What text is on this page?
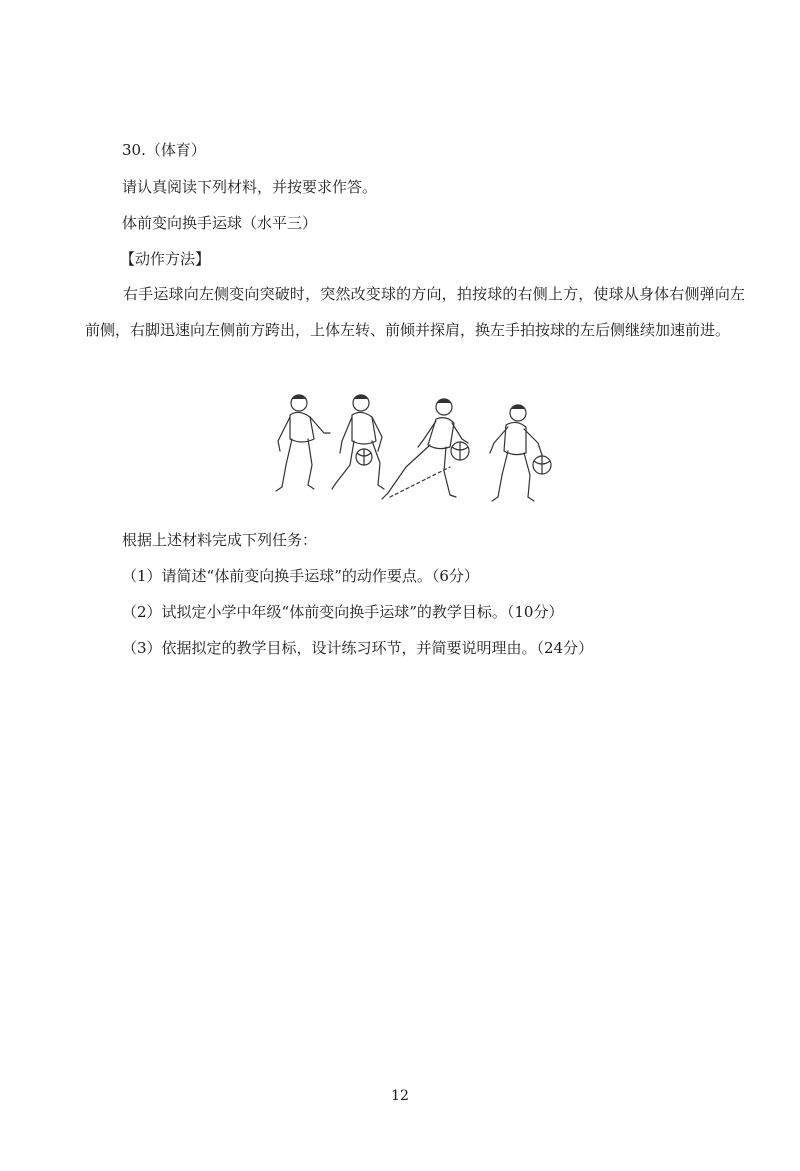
30.（体育）
请认真阅读下列材料，并按要求作答。
体前变向换手运球（水平三）
【动作方法】
右手运球向左侧变向突破时，突然改变球的方向，拍按球的右侧上方，使球从身体右侧弹向左前侧，右脚迅速向左侧前方跨出，上体左转、前倾并探肩，换左手拍按球的左后侧继续加速前进。
根据上述材料完成下列任务：
（1）请简述“体前变向换手运球”的动作要点。（6分）
（2）试拟定小学中年级“体前变向换手运球”的教学目标。（10分）
（3）依据拟定的教学目标，设计练习环节，并简要说明理由。（24分）
12
